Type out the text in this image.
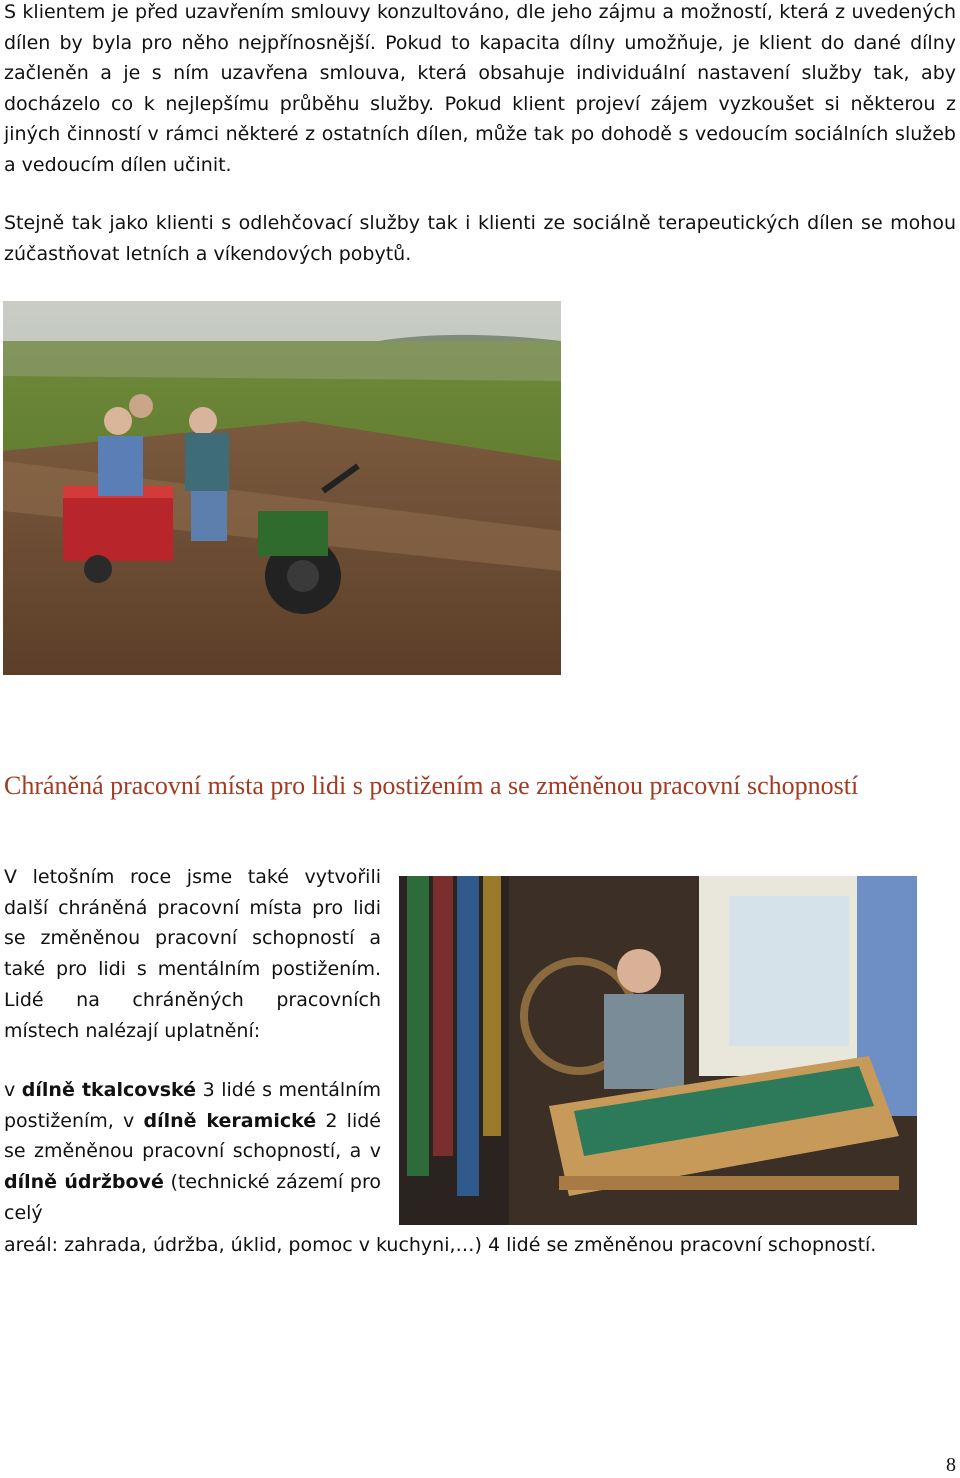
S klientem je před uzavřením smlouvy konzultováno, dle jeho zájmu a možností, která z uvedených dílen by byla pro něho nejpřínosnější. Pokud to kapacita dílny umožňuje, je klient do dané dílny začleněn a je s ním uzavřena smlouva, která obsahuje individuální nastavení služby tak, aby docházelo co k nejlepšímu průběhu služby. Pokud klient projeví zájem vyzkoušet si některou z jiných činností v rámci některé z ostatních dílen, může tak po dohodě s vedoucím sociálních služeb a vedoucím dílen učinit.

Stejně tak jako klienti s odlehčovací služby tak i klienti ze sociálně terapeutických dílen se mohou zúčastňovat letních a víkendových pobytů.

Chráněná pracovní místa pro lidi s postižením a se změněnou pracovní schopností

V letošním roce jsme také vytvořili další chráněná pracovní místa pro lidi se změněnou pracovní schopností a také pro lidi s mentálním postižením. Lidé na chráněných pracovních místech nalézají uplatnění:

v dílně tkalcovské 3 lidé s mentálním postižením, v dílně keramické 2 lidé se změněnou pracovní schopností, a v dílně údržbové (technické zázemí pro celý

areál: zahrada, údržba, úklid, pomoc v kuchyni,…) 4 lidé se změněnou pracovní schopností.

8
